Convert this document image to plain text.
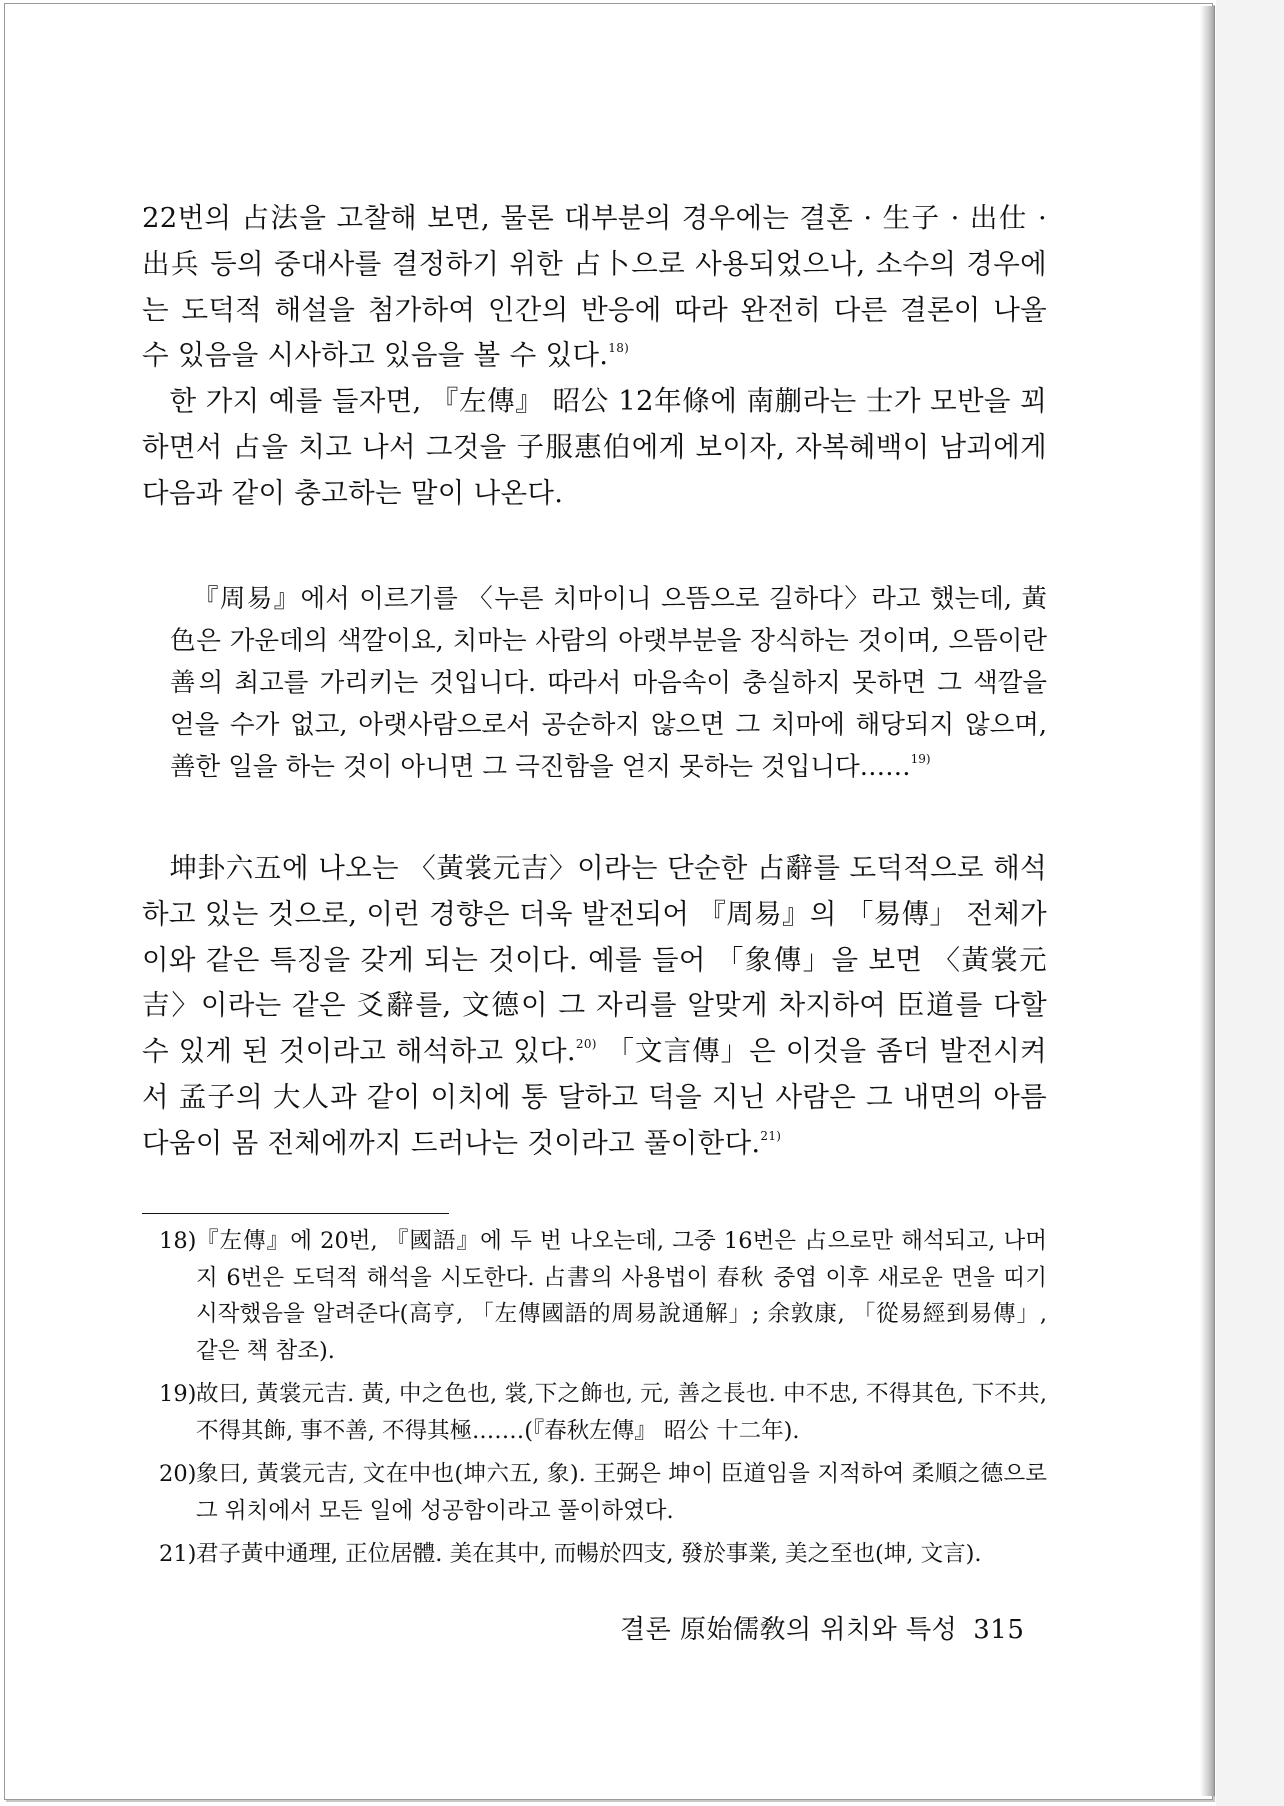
22번의 占法을 고찰해 보면, 물론 대부분의 경우에는 결혼 · 生子 · 出仕 · 出兵 등의 중대사를 결정하기 위한 占卜으로 사용되었으나, 소수의 경우에는 도덕적 해설을 첨가하여 인간의 반응에 따라 완전히 다른 결론이 나올 수 있음을 시사하고 있음을 볼 수 있다.$^{18)}$

한 가지 예를 들자면, 『左傳』 昭公 12年條에 南蒯라는 士가 모반을 꾀하면서 占을 치고 나서 그것을 子服惠伯에게 보이자, 자복혜백이 남괴에게 다음과 같이 충고하는 말이 나온다.

『周易』에서 이르기를 〈누른 치마이니 으뜸으로 길하다〉라고 했는데, 黃色은 가운데의 색깔이요, 치마는 사람의 아랫부분을 장식하는 것이며, 으뜸이란 善의 최고를 가리키는 것입니다. 따라서 마음속이 충실하지 못하면 그 색깔을 얻을 수가 없고, 아랫사람으로서 공순하지 않으면 그 치마에 해당되지 않으며, 善한 일을 하는 것이 아니면 그 극진함을 얻지 못하는 것입니다……$^{19)}$

坤卦六五에 나오는 〈黃裳元吉〉이라는 단순한 占辭를 도덕적으로 해석하고 있는 것으로, 이런 경향은 더욱 발전되어 『周易』의 「易傳」 전체가 이와 같은 특징을 갖게 되는 것이다. 예를 들어 「象傳」을 보면 〈黃裳元吉〉이라는 같은 爻辭를, 文德이 그 자리를 알맞게 차지하여 臣道를 다할 수 있게 된 것이라고 해석하고 있다.$^{20)}$ 「文言傳」은 이것을 좀더 발전시켜서 孟子의 大人과 같이 이치에 통 달하고 덕을 지닌 사람은 그 내면의 아름다움이 몸 전체에까지 드러나는 것이라고 풀이한다.$^{21)}$

18) 『左傳』에 20번, 『國語』에 두 번 나오는데, 그중 16번은 占으로만 해석되고, 나머지 6번은 도덕적 해석을 시도한다. 占書의 사용법이 春秋 중엽 이후 새로운 면을 띠기 시작했음을 알려준다(高亨, 「左傳國語的周易說通解」; 余敦康, 「從易經到易傳」, 같은 책 참조).

19) 故曰, 黃裳元吉. 黃, 中之色也, 裳,下之飾也, 元, 善之長也. 中不忠, 不得其色, 下不共, 不得其飾, 事不善, 不得其極.……(『春秋左傳』 昭公 十二年).

20) 象曰, 黃裳元吉, 文在中也(坤六五, 象). 王弼은 坤이 臣道임을 지적하여 柔順之德으로 그 위치에서 모든 일에 성공함이라고 풀이하였다.

21) 君子黃中通理, 正位居體. 美在其中, 而暢於四支, 發於事業, 美之至也(坤, 文言).

결론 原始儒敎의 위치와 특성 315
